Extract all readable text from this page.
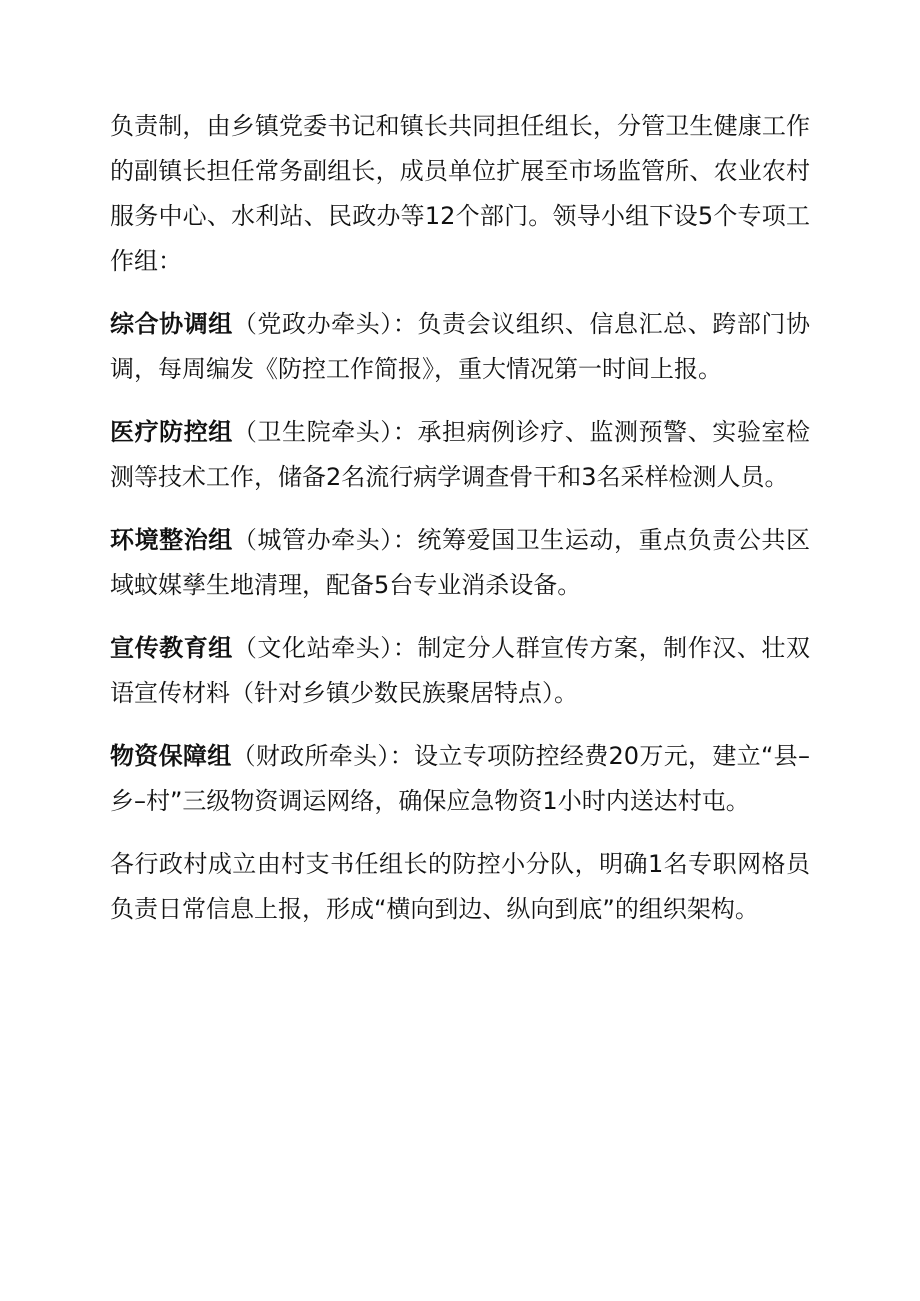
负责制，由乡镇党委书记和镇长共同担任组长，分管卫生健康工作的副镇长担任常务副组长，成员单位扩展至市场监管所、农业农村服务中心、水利站、民政办等12个部门。领导小组下设5个专项工作组：

综合协调组（党政办牵头）：负责会议组织、信息汇总、跨部门协调，每周编发《防控工作简报》，重大情况第一时间上报。

医疗防控组（卫生院牵头）：承担病例诊疗、监测预警、实验室检测等技术工作，储备2名流行病学调查骨干和3名采样检测人员。

环境整治组（城管办牵头）：统筹爱国卫生运动，重点负责公共区域蚊媒孳生地清理，配备5台专业消杀设备。

宣传教育组（文化站牵头）：制定分人群宣传方案，制作汉、壮双语宣传材料（针对乡镇少数民族聚居特点）。

物资保障组（财政所牵头）：设立专项防控经费20万元，建立“县–乡–村”三级物资调运网络，确保应急物资1小时内送达村屯。

各行政村成立由村支书任组长的防控小分队，明确1名专职网格员负责日常信息上报，形成“横向到边、纵向到底”的组织架构。
